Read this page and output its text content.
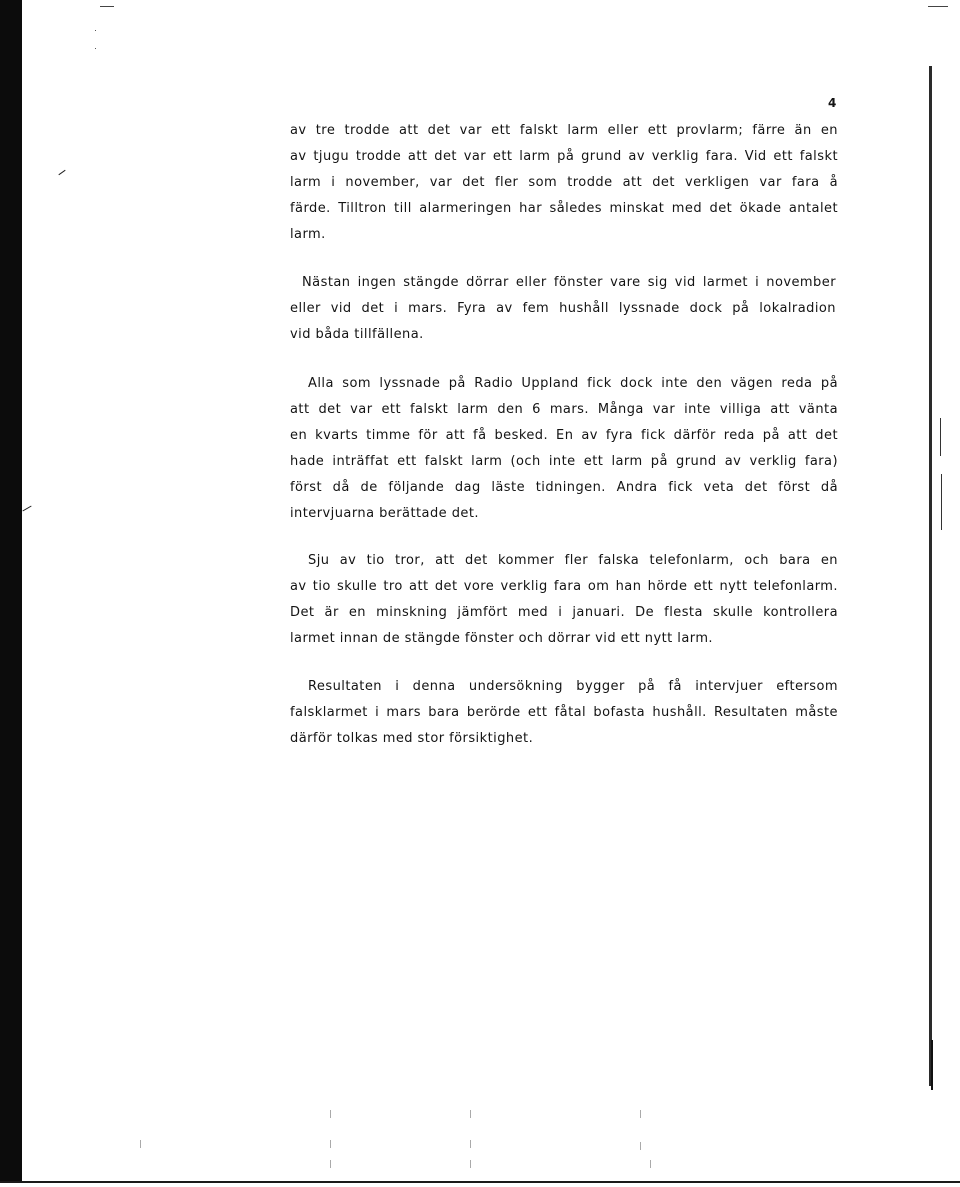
4
av tre trodde att det var ett falskt larm eller ett provlarm; färre än en
av tjugu trodde att det var ett larm på grund av verklig fara. Vid ett falskt
larm i november, var det fler som trodde att det verkligen var fara å
färde. Tilltron till alarmeringen har således minskat med det ökade antalet
larm.
Nästan ingen stängde dörrar eller fönster vare sig vid larmet i november
eller vid det i mars. Fyra av fem hushåll lyssnade dock på lokalradion
vid båda tillfällena.
Alla som lyssnade på Radio Uppland fick dock inte den vägen reda på
att det var ett falskt larm den 6 mars. Många var inte villiga att vänta
en kvarts timme för att få besked. En av fyra fick därför reda på att det
hade inträffat ett falskt larm (och inte ett larm på grund av verklig fara)
först då de följande dag läste tidningen. Andra fick veta det först då
intervjuarna berättade det.
Sju av tio tror, att det kommer fler falska telefonlarm, och bara en
av tio skulle tro att det vore verklig fara om han hörde ett nytt telefonlarm.
Det är en minskning jämfört med i januari. De flesta skulle kontrollera
larmet innan de stängde fönster och dörrar vid ett nytt larm.
Resultaten i denna undersökning bygger på få intervjuer eftersom
falsklarmet i mars bara berörde ett fåtal bofasta hushåll. Resultaten måste
därför tolkas med stor försiktighet.
